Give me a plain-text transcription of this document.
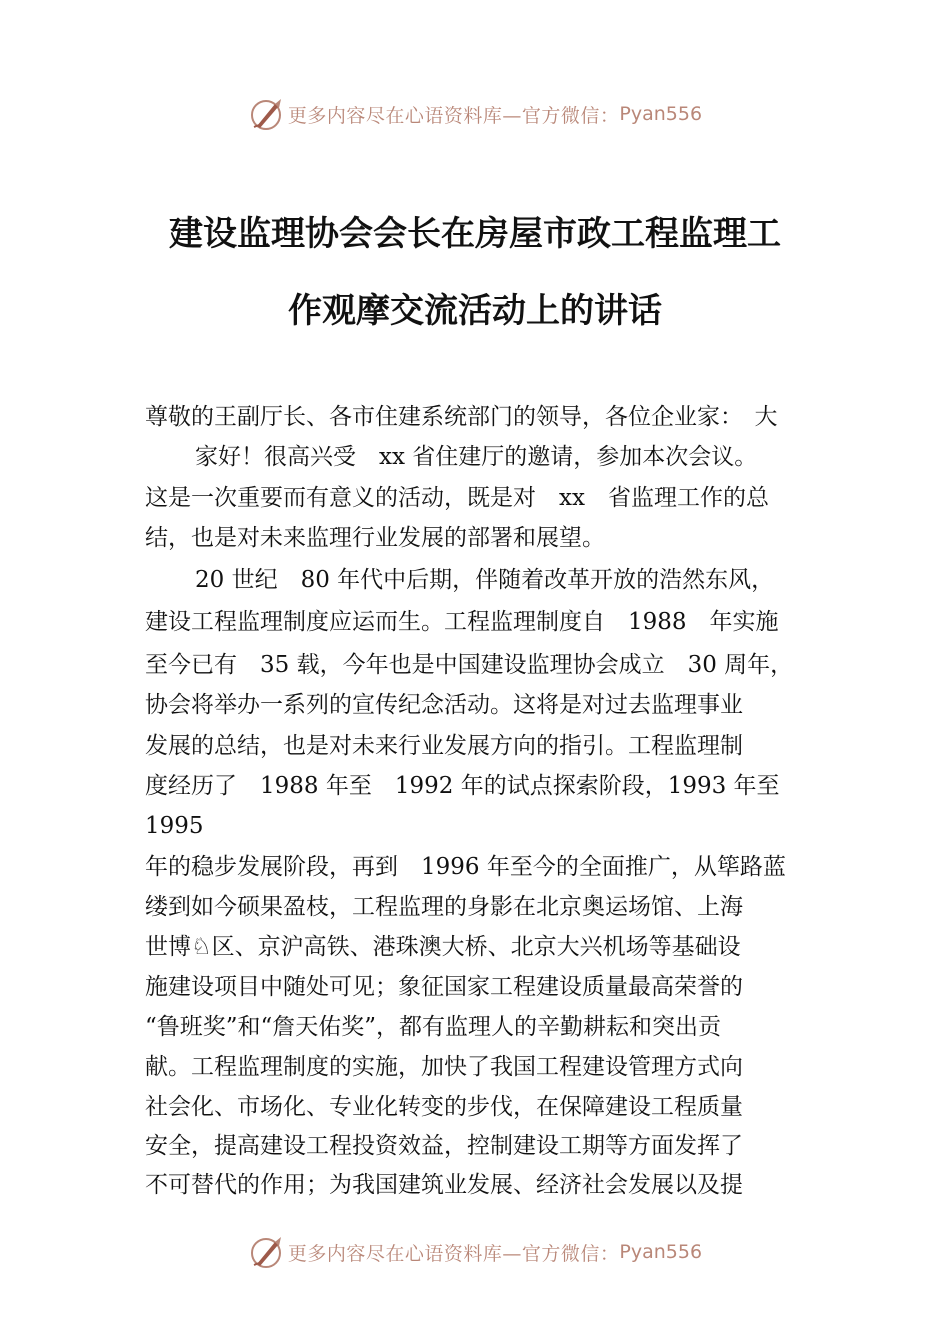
更多内容尽在心语资料库—官方微信： Pyan556
建设监理协会会长在房屋市政工程监理工
作观摩交流活动上的讲话
尊敬的王副厅长、各市住建系统部门的领导，各位企业家：　大
家好！很高兴受　xx 省住建厅的邀请，参加本次会议。
这是一次重要而有意义的活动，既是对　xx　省监理工作的总
结，也是对未来监理行业发展的部署和展望。
20 世纪　80 年代中后期，伴随着改革开放的浩然东风，
建设工程监理制度应运而生。工程监理制度自　1988　年实施
至今已有　35 载，今年也是中国建设监理协会成立　30 周年，
协会将举办一系列的宣传纪念活动。这将是对过去监理事业
发展的总结，也是对未来行业发展方向的指引。工程监理制
度经历了　1988 年至　1992 年的试点探索阶段，1993 年至
1995
年的稳步发展阶段，再到　1996 年至今的全面推广，从筚路蓝
缕到如今硕果盈枝，工程监理的身影在北京奥运场馆、上海
世博♘区、京沪高铁、港珠澳大桥、北京大兴机场等基础设
施建设项目中随处可见；象征国家工程建设质量最高荣誉的
“鲁班奖”和“詹天佑奖”，都有监理人的辛勤耕耘和突出贡
献。工程监理制度的实施，加快了我国工程建设管理方式向
社会化、市场化、专业化转变的步伐，在保障建设工程质量
安全，提高建设工程投资效益，控制建设工期等方面发挥了
不可替代的作用；为我国建筑业发展、经济社会发展以及提
更多内容尽在心语资料库—官方微信： Pyan556
